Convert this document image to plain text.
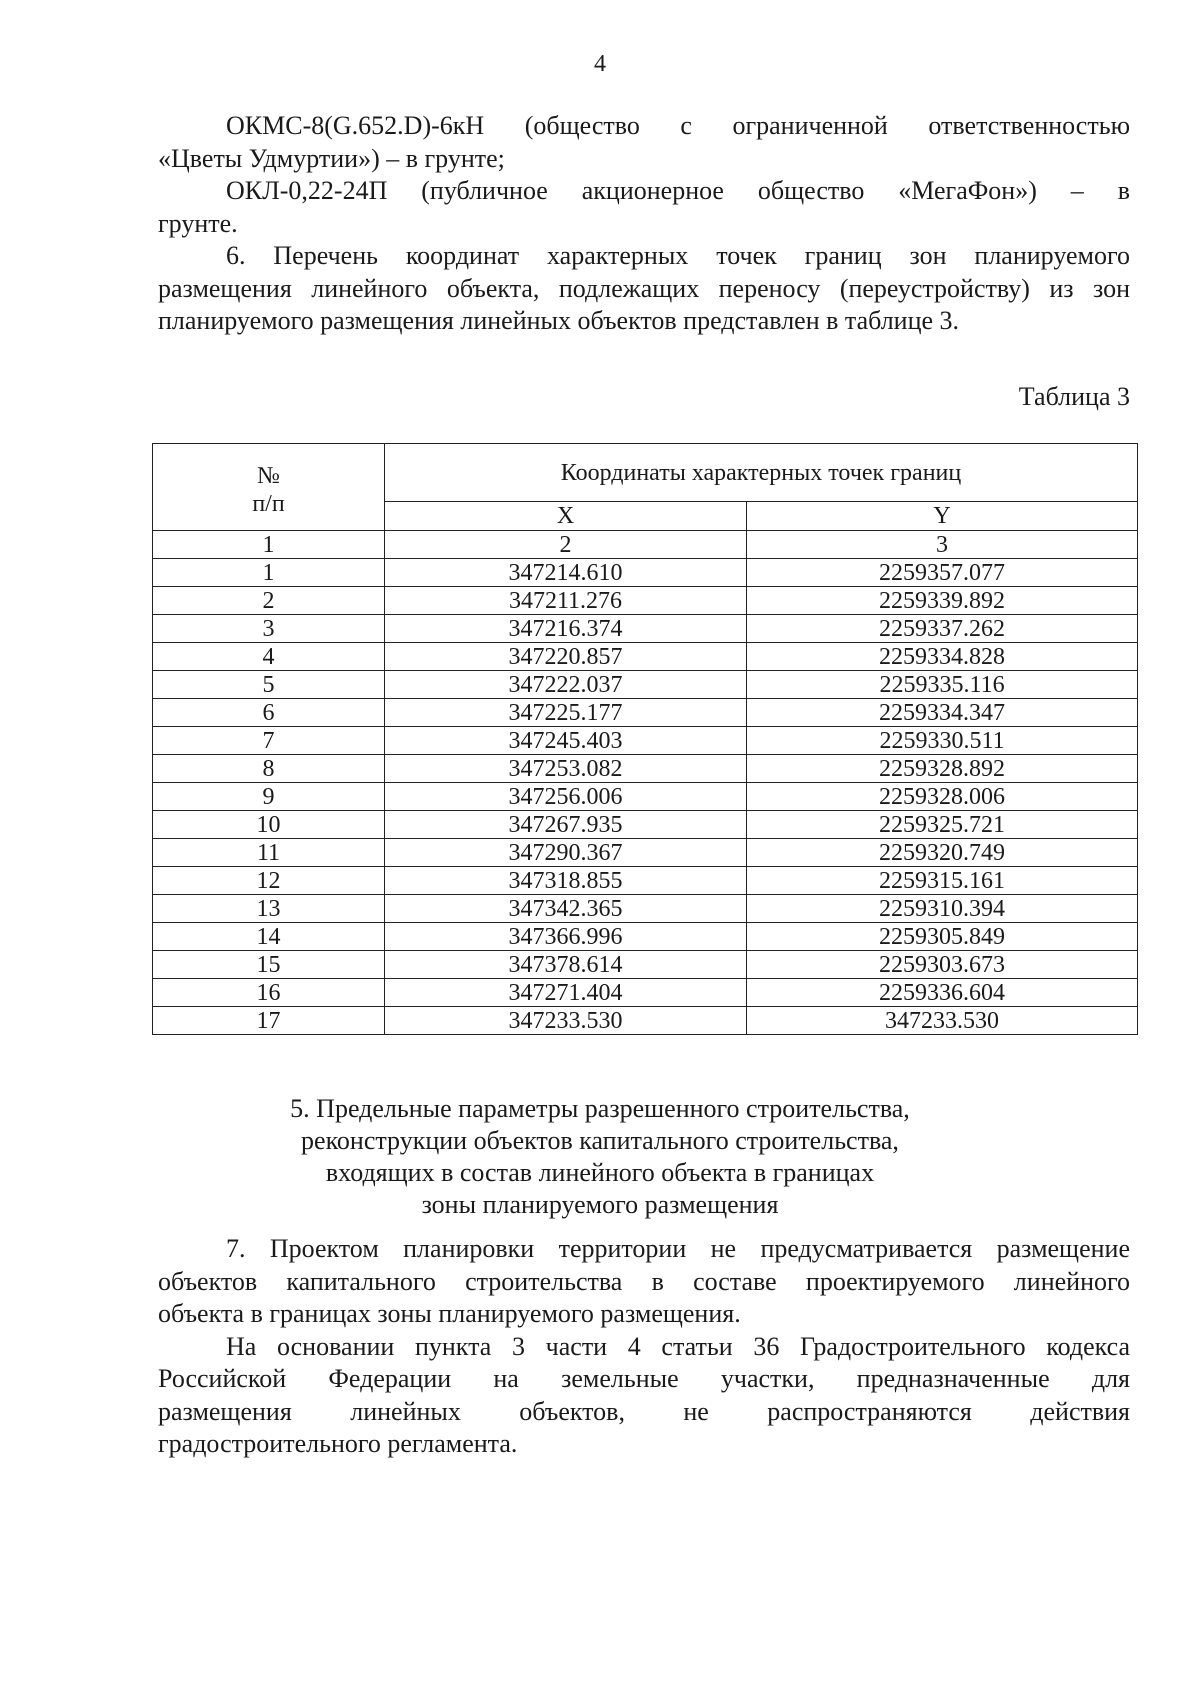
4
ОКМС-8(G.652.D)-6кН (общество с ограниченной ответственностью
«Цветы Удмуртии») – в грунте;
ОКЛ-0,22-24П (публичное акционерное общество «МегаФон») – в
грунте.
6. Перечень координат характерных точек границ зон планируемого
размещения линейного объекта, подлежащих переносу (переустройству) из зон
планируемого размещения линейных объектов представлен в таблице 3.
Таблица 3
№
п/п	Координаты характерных точек границ	
	X	Y
1	2	3
1	347214.610	2259357.077
2	347211.276	2259339.892
3	347216.374	2259337.262
4	347220.857	2259334.828
5	347222.037	2259335.116
6	347225.177	2259334.347
7	347245.403	2259330.511
8	347253.082	2259328.892
9	347256.006	2259328.006
10	347267.935	2259325.721
11	347290.367	2259320.749
12	347318.855	2259315.161
13	347342.365	2259310.394
14	347366.996	2259305.849
15	347378.614	2259303.673
16	347271.404	2259336.604
17	347233.530	347233.530
5. Предельные параметры разрешенного строительства,
реконструкции объектов капитального строительства,
входящих в состав линейного объекта в границах
зоны планируемого размещения
7. Проектом планировки территории не предусматривается размещение
объектов капитального строительства в составе проектируемого линейного
объекта в границах зоны планируемого размещения.
На основании пункта 3 части 4 статьи 36 Градостроительного кодекса
Российской Федерации на земельные участки, предназначенные для
размещения линейных объектов, не распространяются действия
градостроительного регламента.
